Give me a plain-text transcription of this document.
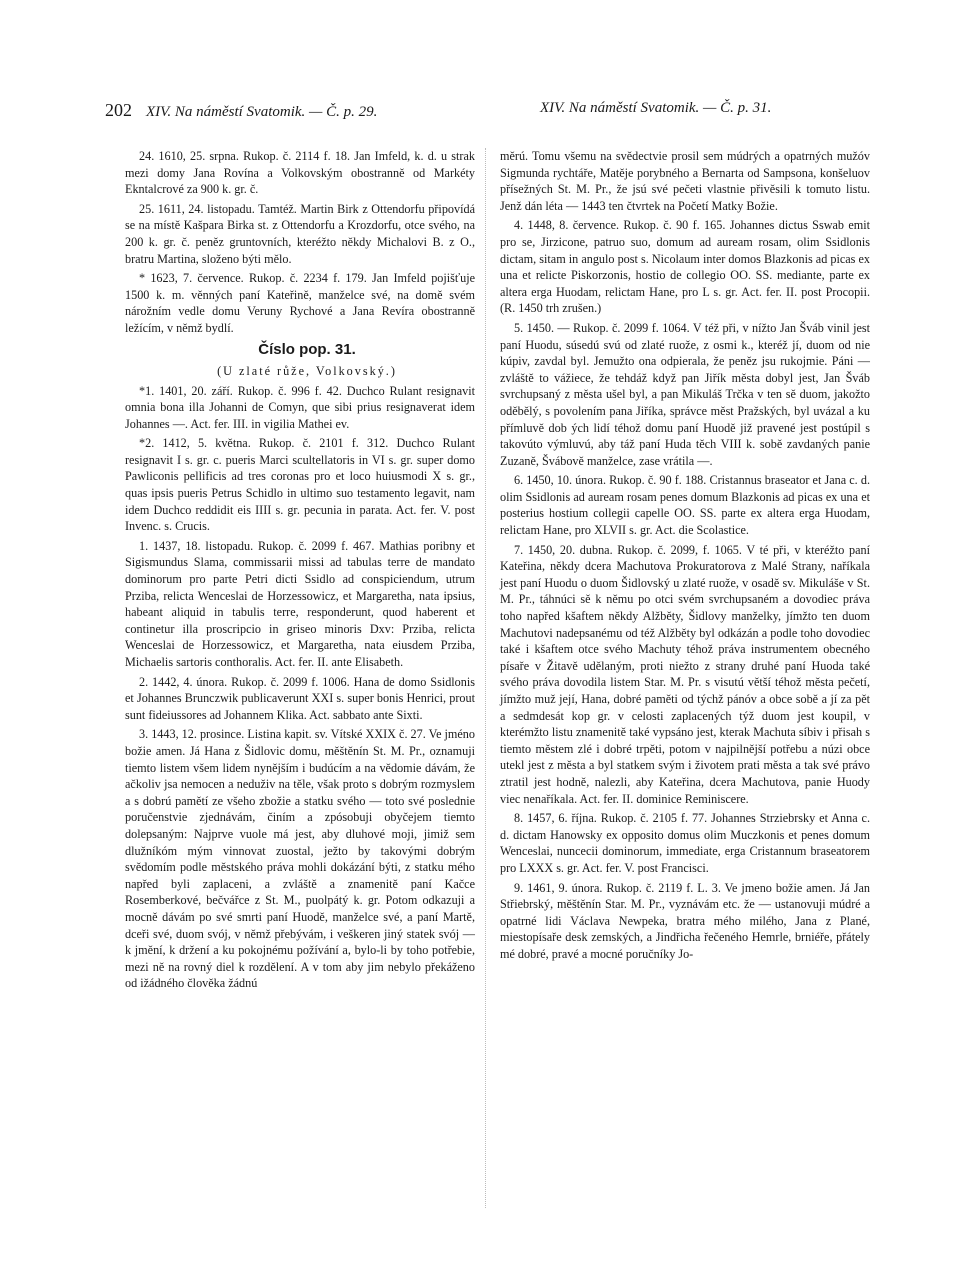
202 XIV. Na náměstí Svatomik. — Č. p. 29.	XIV. Na náměstí Svatomik. — Č. p. 31.

24. 1610, 25. srpna. Rukop. č. 2114 f. 18. Jan Imfeld, k. d. u strak mezi domy Jana Rovína a Volkovským obostranně od Markéty Ekntalcrové za 900 k. gr. č.

25. 1611, 24. listopadu. Tamtéž. Martin Birk z Ottendorfu připovídá se na místě Kašpara Birka st. z Ottendorfu a Krozdorfu, otce svého, na 200 k. gr. č. peněz gruntovních, kteréžto někdy Michalovi B. z O., bratru Martina, složeno býti mělo.

* 1623, 7. července. Rukop. č. 2234 f. 179. Jan Imfeld pojišťuje 1500 k. m. věnných paní Kateřině, manželce své, na domě svém nárožním vedle domu Veruny Rychové a Jana Revíra obostranně ležícím, v němž bydlí.

Číslo pop. 31.

(U zlaté růže, Volkovský.)

*1. 1401, 20. září. Rukop. č. 996 f. 42. Duchco Rulant resignavit omnia bona illa Johanni de Comyn, que sibi prius resignaverat idem Johannes —. Act. fer. III. in vigilia Mathei ev.

*2. 1412, 5. května. Rukop. č. 2101 f. 312. Duchco Rulant resignavit I s. gr. c. pueris Marci scultellatoris in VI s. gr. super domo Pawliconis pellificis ad tres coronas pro et loco huiusmodi X s. gr., quas ipsis pueris Petrus Schidlo in ultimo suo testamento legavit, nam idem Duchco reddidit eis IIII s. gr. pecunia in parata. Act. fer. V. post Invenc. s. Crucis.

1. 1437, 18. listopadu. Rukop. č. 2099 f. 467. Mathias poribny et Sigismundus Slama, commissarii missi ad tabulas terre de mandato dominorum pro parte Petri dicti Ssidlo ad conspiciendum, utrum Prziba, relicta Wenceslai de Horzessowicz, et Margaretha, nata ipsius, habeant aliquid in tabulis terre, responderunt, quod haberent et continetur illa proscripcio in griseo minoris Dxv: Prziba, relicta Wenceslai de Horzessowicz, et Margaretha, nata eiusdem Prziba, Michaelis sartoris conthoralis. Act. fer. II. ante Elisabeth.

2. 1442, 4. února. Rukop. č. 2099 f. 1006. Hana de domo Ssidlonis et Johannes Brunczwik publicaverunt XXI s. super bonis Henrici, prout sunt fideiussores ad Johannem Klika. Act. sabbato ante Sixti.

3. 1443, 12. prosince. Listina kapit. sv. Vítské XXIX č. 27. Ve jméno božie amen. Já Hana z Šidlovic domu, měštěnín St. M. Pr., oznamuji tiemto listem všem lidem nynějším i budúcím a na vědomie dávám, že ačkoliv jsa nemocen a neduživ na těle, však proto s dobrým rozmyslem a s dobrú pamětí ze všeho zbožie a statku svého — toto své poslednie poručenstvie zjednávám, činím a zpósobuji obyčejem tiemto dolepsaným: Najprve vuole má jest, aby dluhové moji, jimiž sem dlužníkóm mým vinnovat zuostal, ježto by takovými dobrým svědomím podle městského práva mohli dokázání býti, z statku mého napřed byli zaplaceni, a zvláště a znamenitě paní Kačce Rosemberkové, bečvářce z St. M., puolpátý k. gr. Potom odkazuji a mocně dávám po své smrti paní Huodě, manželce své, a paní Martě, dceři své, duom svój, v němž přebývám, i veškeren jiný statek svój — k jmění, k držení a ku pokojnému požívání a, bylo-li by toho potřebie, mezi ně na rovný diel k rozdělení. A v tom aby jim nebylo překáženo od ižádného člověka žádnú

měrú. Tomu všemu na svědectvie prosil sem múdrých a opatrných mužóv Sigmunda rychtáře, Matěje porybného a Bernarta od Sampsona, konšeluov přísežných St. M. Pr., že jsú své pečeti vlastnie přivěsili k tomuto listu. Jenž dán léta — 1443 ten čtvrtek na Početí Matky Božie.

4. 1448, 8. července. Rukop. č. 90 f. 165. Johannes dictus Sswab emit pro se, Jirzicone, patruo suo, domum ad auream rosam, olim Ssidlonis dictam, sitam in angulo post s. Nicolaum inter domos Blazkonis ad picas ex una et relicte Piskorzonis, hostio de collegio OO. SS. mediante, parte ex altera erga Huodam, relictam Hane, pro L s. gr. Act. fer. II. post Procopii. (R. 1450 trh zrušen.)

5. 1450. — Rukop. č. 2099 f. 1064. V též při, v nížto Jan Šváb vinil jest paní Huodu, súsedú svú od zlaté ruože, z osmi k., kteréž jí, duom od nie kúpiv, zavdal byl. Jemužto ona odpierala, že peněz jsu rukojmie. Páni — zvláště to vážiece, že tehdáž když pan Jiřík města dobyl jest, Jan Šváb svrchupsaný z města ušel byl, a pan Mikuláš Trčka v ten sě duom, jakožto oděbělý, s povolením pana Jiříka, správce měst Pražských, byl uvázal a ku přímluvě dob ých lidí téhož domu paní Huodě již pravené jest postúpil s takovúto výmluvú, aby táž paní Huda těch VIII k. sobě zavdaných panie Zuzaně, Švábově manželce, zase vrátila —.

6. 1450, 10. února. Rukop. č. 90 f. 188. Cristannus braseator et Jana c. d. olim Ssidlonis ad auream rosam penes domum Blazkonis ad picas ex una et posterius hostium collegii capelle OO. SS. parte ex altera erga Huodam, relictam Hane, pro XLVII s. gr. Act. die Scolastice.

7. 1450, 20. dubna. Rukop. č. 2099, f. 1065. V té při, v kteréžto paní Kateřina, někdy dcera Machutova Prokuratorova z Malé Strany, naříkala jest paní Huodu o duom Šidlovský u zlaté ruože, v osadě sv. Mikuláše v St. M. Pr., táhnúci sě k němu po otci svém svrchupsaném a dovodiec práva toho napřed kšaftem někdy Alžběty, Šidlovy manželky, jímžto ten duom Machutovi nadepsanému od též Alžběty byl odkázán a podle toho dovodiec také i kšaftem otce svého Machuty téhož práva instrumentem obecného písaře v Žitavě udělaným, proti niežto z strany druhé paní Huoda také svého práva dovodila listem Star. M. Pr. s visutú větší téhož města pečetí, jímžto muž její, Hana, dobré paměti od týchž pánóv a obce sobě a jí za pět a sedmdesát kop gr. v celosti zaplacených týž duom jest koupil, v kterémžto listu znamenitě také vypsáno jest, kterak Machuta síbiv i přisah s tiemto městem zlé i dobré trpěti, potom v najpilnější potřebu a núzi obce utekl jest z města a byl statkem svým i životem prati města a tak své právo ztratil jest hodně, nalezli, aby Kateřina, dcera Machutova, panie Huody viec nenaříkala. Act. fer. II. dominice Reminiscere.

8. 1457, 6. října. Rukop. č. 2105 f. 77. Johannes Strziebrsky et Anna c. d. dictam Hanowsky ex opposito domus olim Muczkonis et penes domum Wenceslai, nuncecii dominorum, immediate, erga Cristannum braseatorem pro LXXX s. gr. Act. fer. V. post Francisci.

9. 1461, 9. února. Rukop. č. 2119 f. L. 3. Ve jmeno božie amen. Já Jan Střiebrský, měštěnín Star. M. Pr., vyznávám etc. že — ustanovuji múdré a opatrné lidi Václava Newpeka, bratra mého milého, Jana z Plané, miestopísaře desk zemských, a Jindřicha řečeného Hemrle, brniéře, přátely mé dobré, pravé a mocné poručníky Jo-
